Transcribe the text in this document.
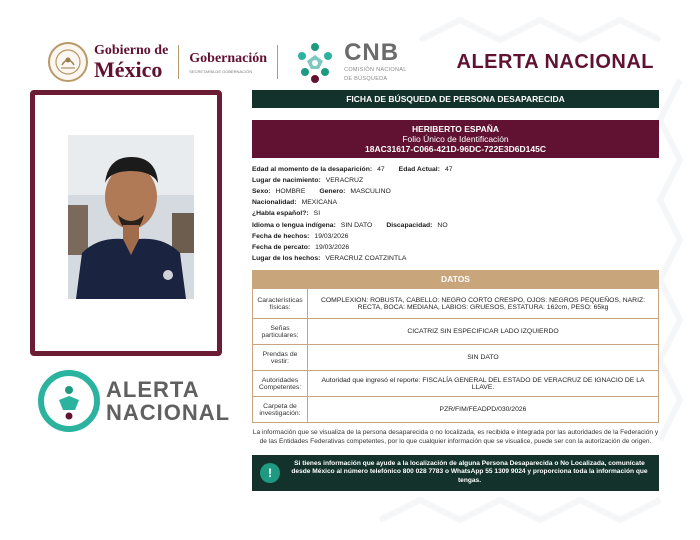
Gobierno de
México	Gobernación
SECRETARÍA DE GOBERNACIÓN
CNB
COMISIÓN NACIONAL
DE BÚSQUEDA
ALERTA NACIONAL
ALERTA
NACIONAL
FICHA DE BÚSQUEDA DE PERSONA DESAPARECIDA
HERIBERTO ESPAÑA
Folio Único de Identificación
18AC31617-C066-421D-96DC-722E3D6D145C
Edad al momento de la desaparición: 47 Edad Actual: 47
Lugar de nacimiento: VERACRUZ
Sexo: HOMBRE Genero: MASCULINO
Nacionalidad: MEXICANA
¿Habla español?: SI
Idioma o lengua indígena: SIN DATO Discapacidad: NO
Fecha de hechos: 19/03/2026
Fecha de percato: 19/03/2026
Lugar de los hechos: VERACRUZ COATZINTLA
DATOS
Características físicas:	COMPLEXION: ROBUSTA, CABELLO: NEGRO CORTO CRESPO, OJOS: NEGROS PEQUEÑOS, NARIZ: RECTA, BOCA: MEDIANA, LABIOS: GRUESOS, ESTATURA: 162cm, PESO: 65kg
Señas particulares:	CICATRIZ SIN ESPECIFICAR LADO IZQUIERDO
Prendas de vestir:	SIN DATO
Autoridades Competentes:	Autoridad que ingresó el reporte: FISCALÍA GENERAL DEL ESTADO DE VERACRUZ DE IGNACIO DE LA LLAVE.
Carpeta de investigación:	PZR/FIM/FEADPD/030/2026
La información que se visualiza de la persona desaparecida o no localizada, es recibida e integrada por las autoridades de la Federación y de las Entidades Federativas competentes, por lo que cualquier información que se visualice, puede ser con la autorización de origen.
!
Si tienes información que ayude a la localización de alguna Persona Desaparecida o No Localizada, comunícate desde México al número telefónico 800 028 7783 o WhatsApp 55 1309 9024 y proporciona toda la información que tengas.
